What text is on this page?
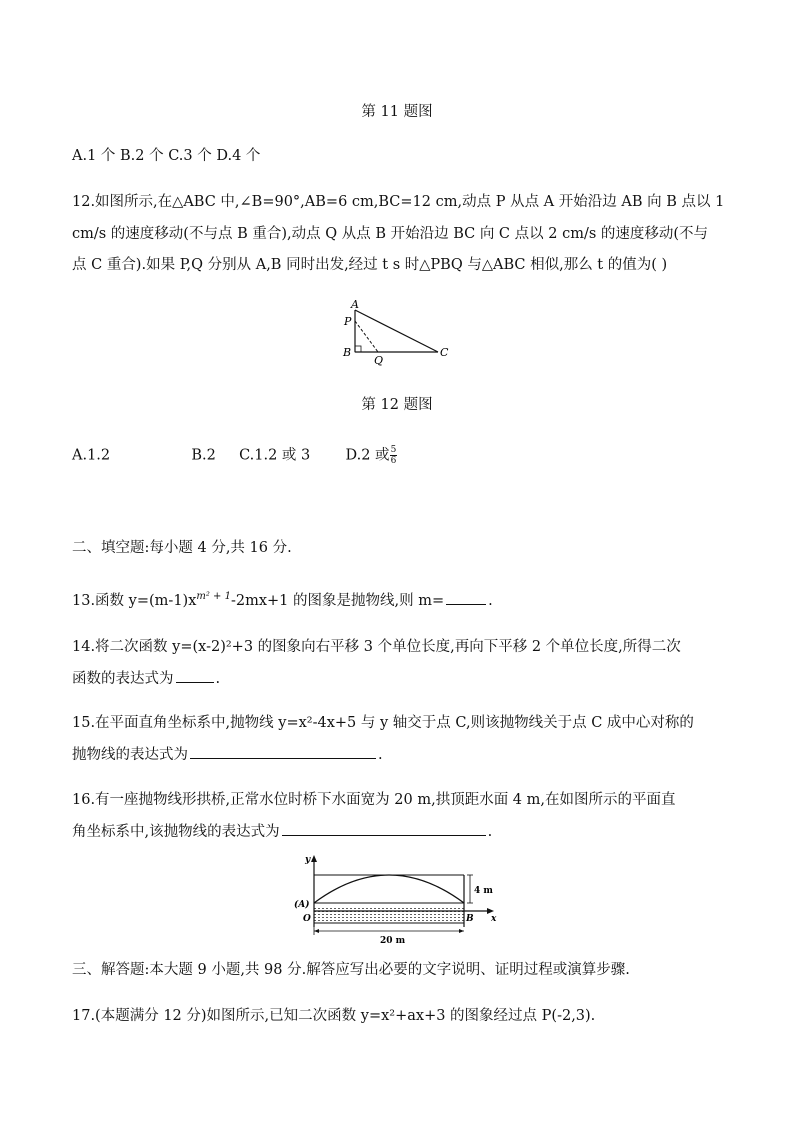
第 11 题图
A.1 个 B.2 个 C.3 个 D.4 个
12.如图所示,在△ABC 中,∠B=90°,AB=6 cm,BC=12 cm,动点 P 从点 A 开始沿边 AB 向 B 点以 1
cm/s 的速度移动(不与点 B 重合),动点 Q 从点 B 开始沿边 BC 向 C 点以 2 cm/s 的速度移动(不与
点 C 重合).如果 P,Q 分别从 A,B 同时出发,经过 t s 时△PBQ 与△ABC 相似,那么 t 的值为( )
A
P
B
Q
C
第 12 题图
A.1.2	B.2 C.1.2 或 3 D.2 或 $\frac{5}{6}$
二、填空题:每小题 4 分,共 16 分.
13.函数 $y=(m-1)x^{m^2 + 1}-2mx+1$ 的图象是抛物线,则 m=	.
14.将二次函数 y=(x-2)²+3 的图象向右平移 3 个单位长度,再向下平移 2 个单位长度,所得二次
函数的表达式为	.
15.在平面直角坐标系中,抛物线 y=x²-4x+5 与 y 轴交于点 C,则该抛物线关于点 C 成中心对称的
抛物线的表达式为	.
16.有一座抛物线形拱桥,正常水位时桥下水面宽为 20 m,拱顶距水面 4 m,在如图所示的平面直
角坐标系中,该抛物线的表达式为	.
y
x
(A)
O	B
4 m
20 m
三、解答题:本大题 9 小题,共 98 分.解答应写出必要的文字说明、证明过程或演算步骤.
17.(本题满分 12 分)如图所示,已知二次函数 y=x²+ax+3 的图象经过点 P(-2,3).
